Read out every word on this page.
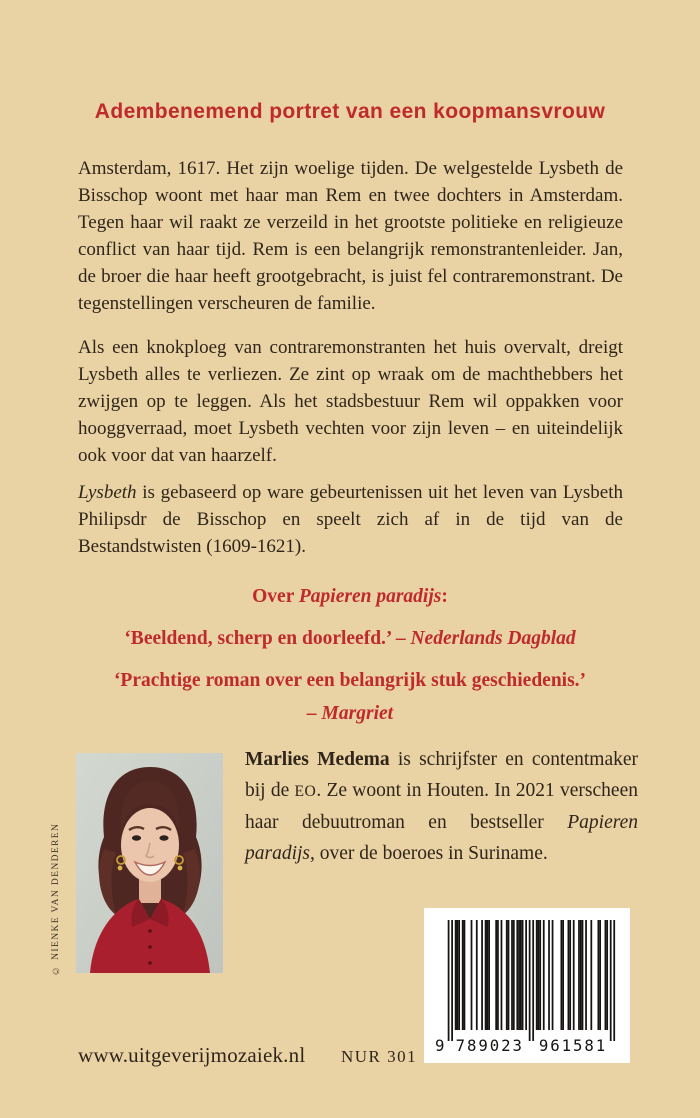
Adembenemend portret van een koopmansvrouw

Amsterdam, 1617. Het zijn woelige tijden. De welgestelde Lysbeth de Bisschop woont met haar man Rem en twee dochters in Amsterdam. Tegen haar wil raakt ze verzeild in het grootste politieke en religieuze conflict van haar tijd. Rem is een belangrijk remonstrantenleider. Jan, de broer die haar heeft grootgebracht, is juist fel contraremonstrant. De tegenstellingen verscheuren de familie.

Als een knokploeg van contraremonstranten het huis overvalt, dreigt Lysbeth alles te verliezen. Ze zint op wraak om de machthebbers het zwijgen op te leggen. Als het stadsbestuur Rem wil oppakken voor hooggverraad, moet Lysbeth vechten voor zijn leven – en uiteindelijk ook voor dat van haarzelf.

Lysbeth is gebaseerd op ware gebeurtenissen uit het leven van Lysbeth Philipsdr de Bisschop en speelt zich af in de tijd van de Bestandstwisten (1609-1621).

Over Papieren paradijs:
‘Beeldend, scherp en doorleefd.’ – Nederlands Dagblad
‘Prachtige roman over een belangrijk stuk geschiedenis.’
– Margriet
© NIENKE VAN DENDEREN

Marlies Medema is schrijfster en contentmaker bij de EO. Ze woont in Houten. In 2021 verscheen haar debuutroman en bestseller Papieren paradijs, over de boeroes in Suriname.

www.uitgeverijmozaiek.nl NUR 301
9 789023 961581
